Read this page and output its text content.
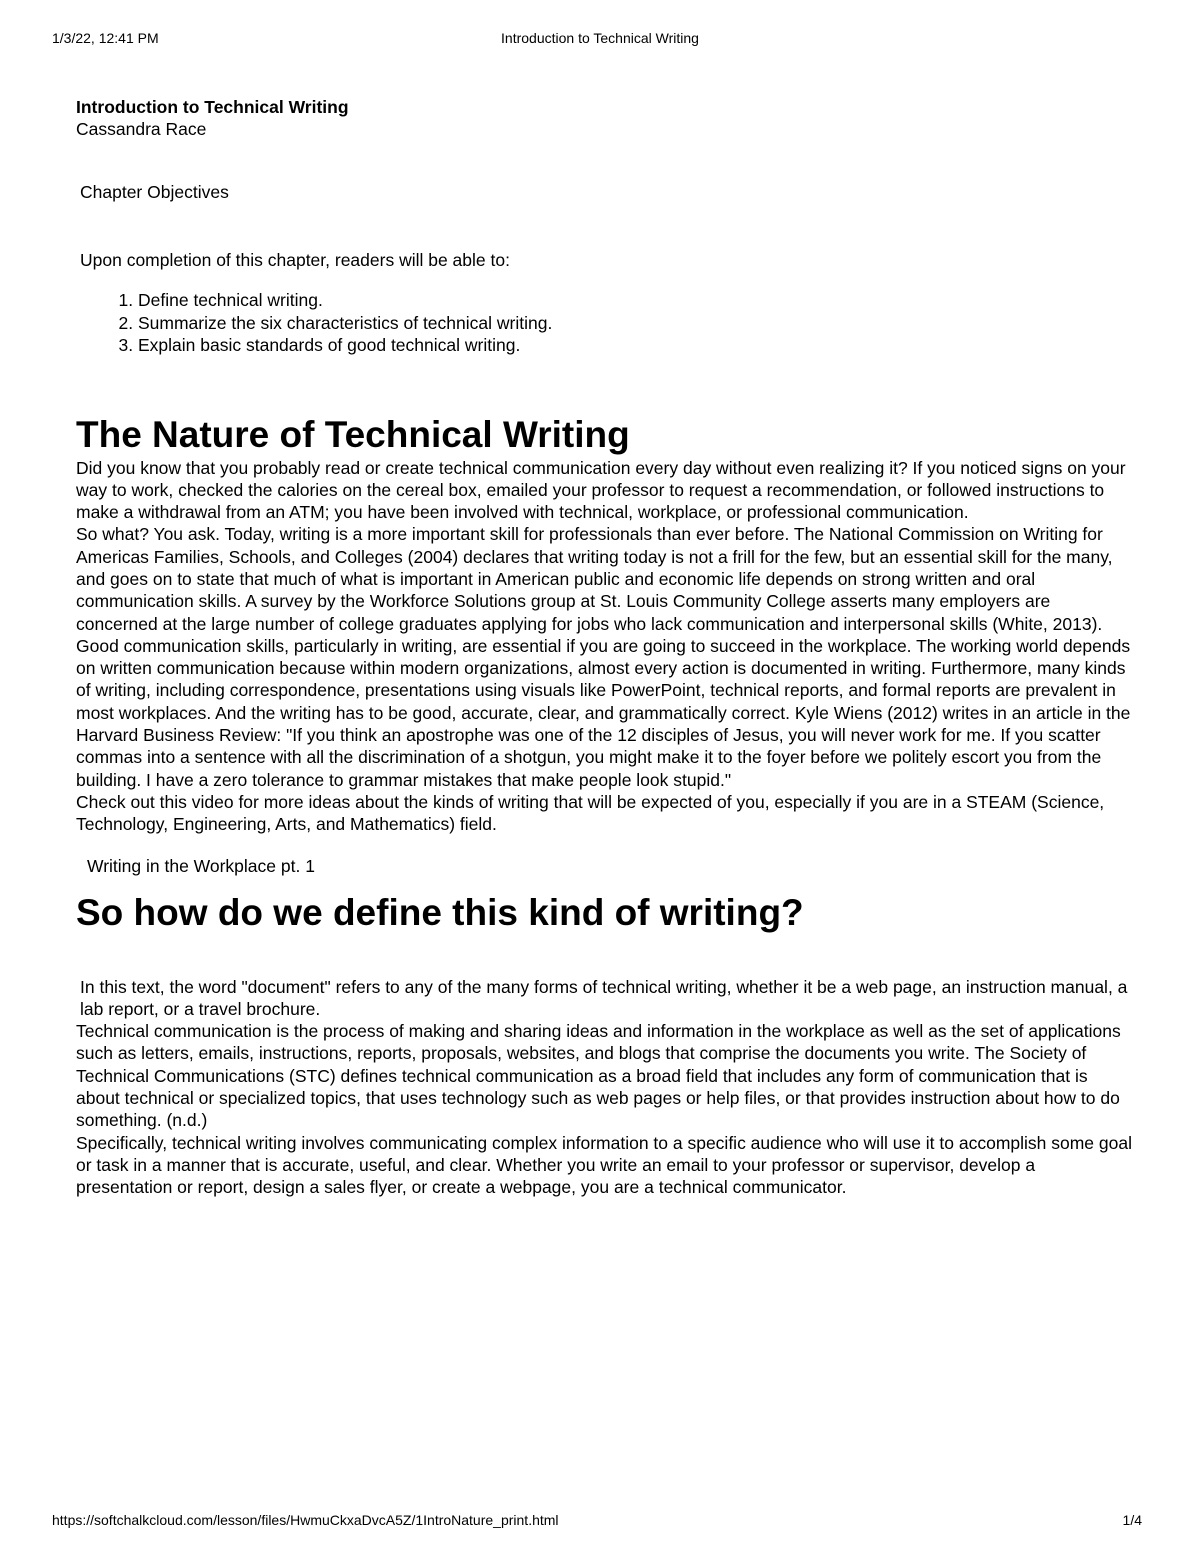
1/3/22, 12:41 PM	Introduction to Technical Writing

Introduction to Technical Writing

Cassandra Race

Chapter Objectives

Upon completion of this chapter, readers will be able to:

1. Define technical writing.
2. Summarize the six characteristics of technical writing.
3. Explain basic standards of good technical writing.
The Nature of Technical Writing

Did you know that you probably read or create technical communication every day without even realizing it? If you noticed signs on your way to work, checked the calories on the cereal box, emailed your professor to request a recommendation, or followed instructions to make a withdrawal from an ATM; you have been involved with technical, workplace, or professional communication.

So what? You ask. Today, writing is a more important skill for professionals than ever before. The National Commission on Writing for Americas Families, Schools, and Colleges (2004) declares that writing today is not a frill for the few, but an essential skill for the many, and goes on to state that much of what is important in American public and economic life depends on strong written and oral communication skills. A survey by the Workforce Solutions group at St. Louis Community College asserts many employers are concerned at the large number of college graduates applying for jobs who lack communication and interpersonal skills (White, 2013).

Good communication skills, particularly in writing, are essential if you are going to succeed in the workplace. The working world depends on written communication because within modern organizations, almost every action is documented in writing. Furthermore, many kinds of writing, including correspondence, presentations using visuals like PowerPoint, technical reports, and formal reports are prevalent in most workplaces. And the writing has to be good, accurate, clear, and grammatically correct. Kyle Wiens (2012) writes in an article in the Harvard Business Review: "If you think an apostrophe was one of the 12 disciples of Jesus, you will never work for me. If you scatter commas into a sentence with all the discrimination of a shotgun, you might make it to the foyer before we politely escort you from the building. I have a zero tolerance to grammar mistakes that make people look stupid."

Check out this video for more ideas about the kinds of writing that will be expected of you, especially if you are in a STEAM (Science, Technology, Engineering, Arts, and Mathematics) field.

Writing in the Workplace pt. 1

So how do we define this kind of writing?

In this text, the word "document" refers to any of the many forms of technical writing, whether it be a web page, an instruction manual, a lab report, or a travel brochure.

Technical communication is the process of making and sharing ideas and information in the workplace as well as the set of applications such as letters, emails, instructions, reports, proposals, websites, and blogs that comprise the documents you write. The Society of Technical Communications (STC) defines technical communication as a broad field that includes any form of communication that is about technical or specialized topics, that uses technology such as web pages or help files, or that provides instruction about how to do something. (n.d.)

Specifically, technical writing involves communicating complex information to a specific audience who will use it to accomplish some goal or task in a manner that is accurate, useful, and clear. Whether you write an email to your professor or supervisor, develop a presentation or report, design a sales flyer, or create a webpage, you are a technical communicator.

https://softchalkcloud.com/lesson/files/HwmuCkxaDvcA5Z/1IntroNature_print.html	1/4
